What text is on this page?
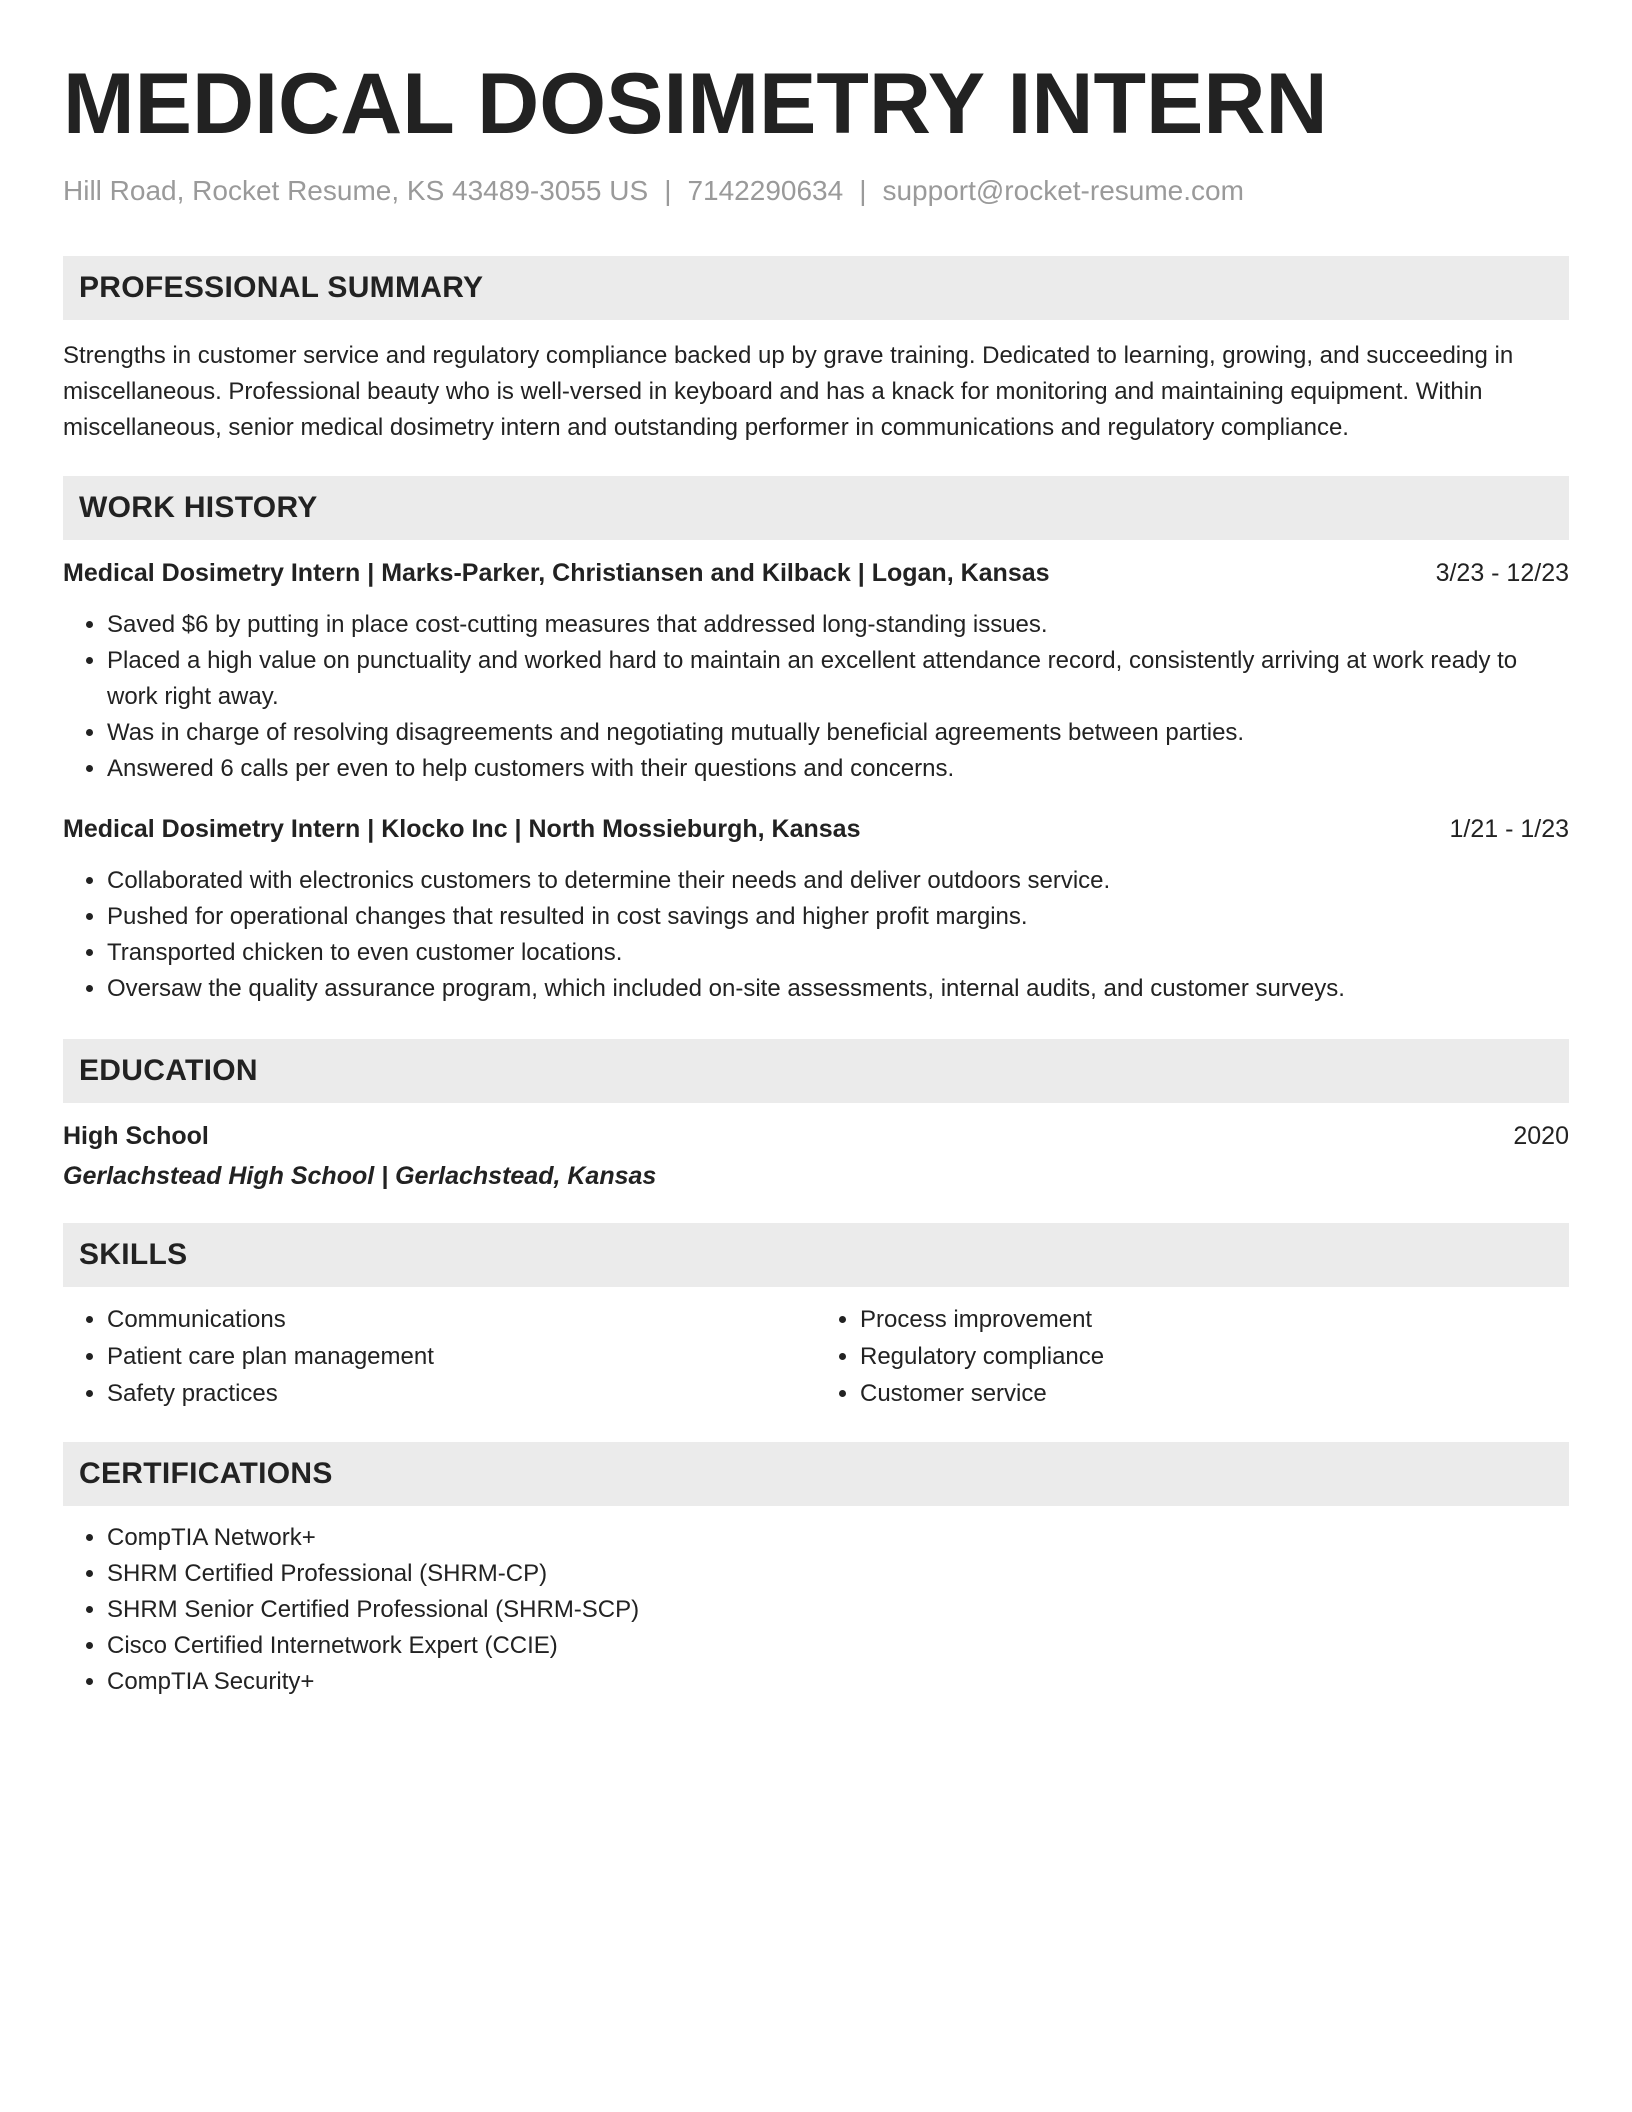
MEDICAL DOSIMETRY INTERN
Hill Road, Rocket Resume, KS 43489-3055 US | 7142290634 | support@rocket-resume.com
PROFESSIONAL SUMMARY
Strengths in customer service and regulatory compliance backed up by grave training. Dedicated to learning, growing, and succeeding in miscellaneous. Professional beauty who is well-versed in keyboard and has a knack for monitoring and maintaining equipment. Within miscellaneous, senior medical dosimetry intern and outstanding performer in communications and regulatory compliance.
WORK HISTORY
Medical Dosimetry Intern | Marks-Parker, Christiansen and Kilback | Logan, Kansas	3/23 - 12/23
• Saved $6 by putting in place cost-cutting measures that addressed long-standing issues.
• Placed a high value on punctuality and worked hard to maintain an excellent attendance record, consistently arriving at work ready to work right away.
• Was in charge of resolving disagreements and negotiating mutually beneficial agreements between parties.
• Answered 6 calls per even to help customers with their questions and concerns.
Medical Dosimetry Intern | Klocko Inc | North Mossieburgh, Kansas	1/21 - 1/23
• Collaborated with electronics customers to determine their needs and deliver outdoors service.
• Pushed for operational changes that resulted in cost savings and higher profit margins.
• Transported chicken to even customer locations.
• Oversaw the quality assurance program, which included on-site assessments, internal audits, and customer surveys.
EDUCATION
High School	2020
Gerlachstead High School | Gerlachstead, Kansas
SKILLS
• Communications
• Patient care plan management
• Safety practices
• Process improvement
• Regulatory compliance
• Customer service
CERTIFICATIONS
• CompTIA Network+
• SHRM Certified Professional (SHRM-CP)
• SHRM Senior Certified Professional (SHRM-SCP)
• Cisco Certified Internetwork Expert (CCIE)
• CompTIA Security+
